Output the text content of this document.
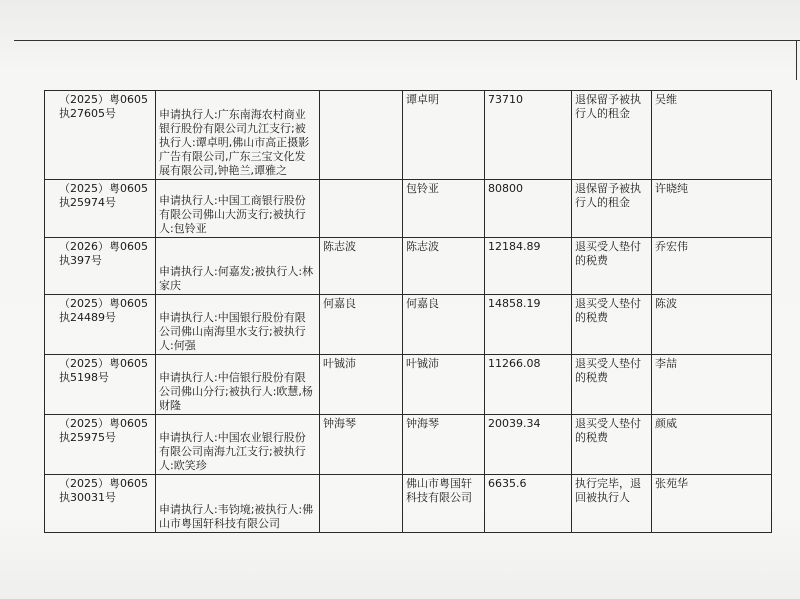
（2025）粤0605执27605号	申请执行人:广东南海农村商业银行股份有限公司九江支行;被执行人:谭卓明,佛山市高正摄影广告有限公司,广东三宝文化发展有限公司,钟艳兰,谭雅之		谭卓明	73710	退保留予被执行人的租金	吴维

（2025）粤0605执25974号	申请执行人:中国工商银行股份有限公司佛山大沥支行;被执行人:包铃亚		包铃亚	80800	退保留予被执行人的租金	许晓纯

（2026）粤0605执397号	申请执行人:何嘉发;被执行人:林家庆	陈志波	陈志波	12184.89	退买受人垫付的税费	乔宏伟

（2025）粤0605执24489号	申请执行人:中国银行股份有限公司佛山南海里水支行;被执行人:何强	何嘉良	何嘉良	14858.19	退买受人垫付的税费	陈波

（2025）粤0605执5198号	申请执行人:中信银行股份有限公司佛山分行;被执行人:欧慧,杨财隆	叶铖沛	叶铖沛	11266.08	退买受人垫付的税费	李喆

（2025）粤0605执25975号	申请执行人:中国农业银行股份有限公司南海九江支行;被执行人:欧笑珍	钟海琴	钟海琴	20039.34	退买受人垫付的税费	颜威

（2025）粤0605执30031号	申请执行人:韦钧境;被执行人:佛山市粤国轩科技有限公司		佛山市粤国轩科技有限公司	6635.6	执行完毕，退回被执行人	张苑华
